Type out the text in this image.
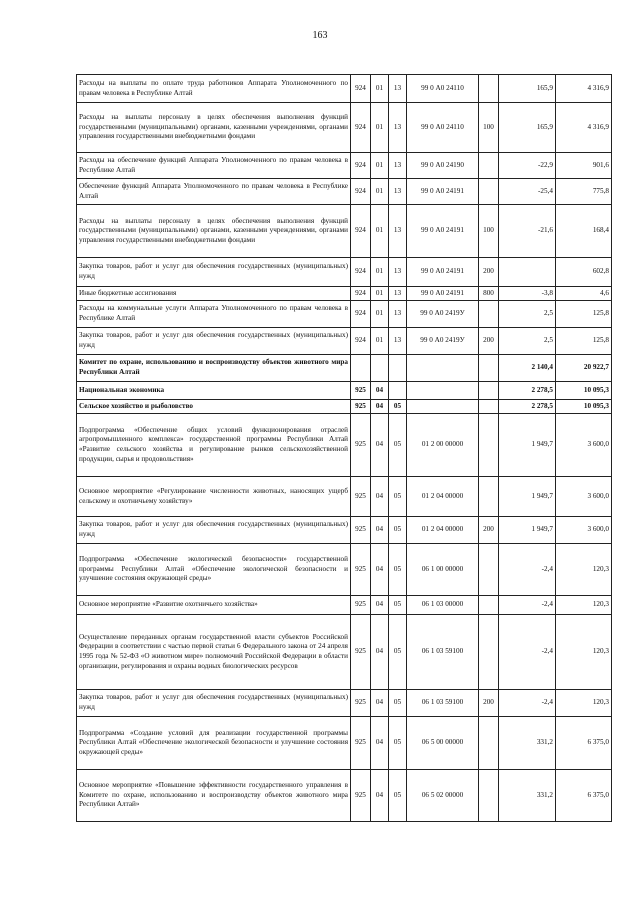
163
Расходы на выплаты по оплате труда работников Аппарата Уполномоченного по правам человека в Республике Алтай	924	01	13	99 0 А0 24110		165,9	4 316,9
Расходы на выплаты персоналу в целях обеспечения выполнения функций государственными (муниципальными) органами, казенными учреждениями, органами управления государственными внебюджетными фондами	924	01	13	99 0 А0 24110	100	165,9	4 316,9
Расходы на обеспечение функций Аппарата Уполномоченного по правам человека в Республике Алтай	924	01	13	99 0 А0 24190		-22,9	901,6
Обеспечение функций Аппарата Уполномоченного по правам человека в Республике Алтай	924	01	13	99 0 А0 24191		-25,4	775,8
Расходы на выплаты персоналу в целях обеспечения выполнения функций государственными (муниципальными) органами, казенными учреждениями, органами управления государственными внебюджетными фондами	924	01	13	99 0 А0 24191	100	-21,6	168,4
Закупка товаров, работ и услуг для обеспечения государственных (муниципальных) нужд	924	01	13	99 0 А0 24191	200		602,8
Иные бюджетные ассигнования	924	01	13	99 0 А0 24191	800	-3,8	4,6
Расходы на коммунальные услуги Аппарата Уполномоченного по правам человека в Республике Алтай	924	01	13	99 0 А0 2419У		2,5	125,8
Закупка товаров, работ и услуг для обеспечения государственных (муниципальных) нужд	924	01	13	99 0 А0 2419У	200	2,5	125,8
Комитет по охране, использованию и воспроизводству объектов животного мира Республики Алтай						2 140,4	20 922,7
Национальная экономика	925	04				2 278,5	10 095,3
Сельское хозяйство и рыболовство	925	04	05			2 278,5	10 095,3
Подпрограмма «Обеспечение общих условий функционирования отраслей агропромышленного комплекса» государственной программы Республики Алтай «Развитие сельского хозяйства и регулирование рынков сельскохозяйственной продукции, сырья и продовольствия»	925	04	05	01 2 00 00000		1 949,7	3 600,0
Основное мероприятие «Регулирование численности животных, наносящих ущерб сельскому и охотничьему хозяйству»	925	04	05	01 2 04 00000		1 949,7	3 600,0
Закупка товаров, работ и услуг для обеспечения государственных (муниципальных) нужд	925	04	05	01 2 04 00000	200	1 949,7	3 600,0
Подпрограмма «Обеспечение экологической безопасности» государственной программы Республики Алтай «Обеспечение экологической безопасности и улучшение состояния окружающей среды»	925	04	05	06 1 00 00000		-2,4	120,3
Основное мероприятие «Развитие охотничьего хозяйства»	925	04	05	06 1 03 00000		-2,4	120,3
Осуществление переданных органам государственной власти субъектов Российской Федерации в соответствии с частью первой статьи 6 Федерального закона от 24 апреля 1995 года № 52-ФЗ «О животном мире» полномочий Российской Федерации в области организации, регулирования и охраны водных биологических ресурсов	925	04	05	06 1 03 59100		-2,4	120,3
Закупка товаров, работ и услуг для обеспечения государственных (муниципальных) нужд	925	04	05	06 1 03 59100	200	-2,4	120,3
Подпрограмма «Создание условий для реализации государственной программы Республики Алтай «Обеспечение экологической безопасности и улучшение состояния окружающей среды»	925	04	05	06 5 00 00000		331,2	6 375,0
Основное мероприятие «Повышение эффективности государственного управления в Комитете по охране, использованию и воспроизводству объектов животного мира Республики Алтай»	925	04	05	06 5 02 00000		331,2	6 375,0
